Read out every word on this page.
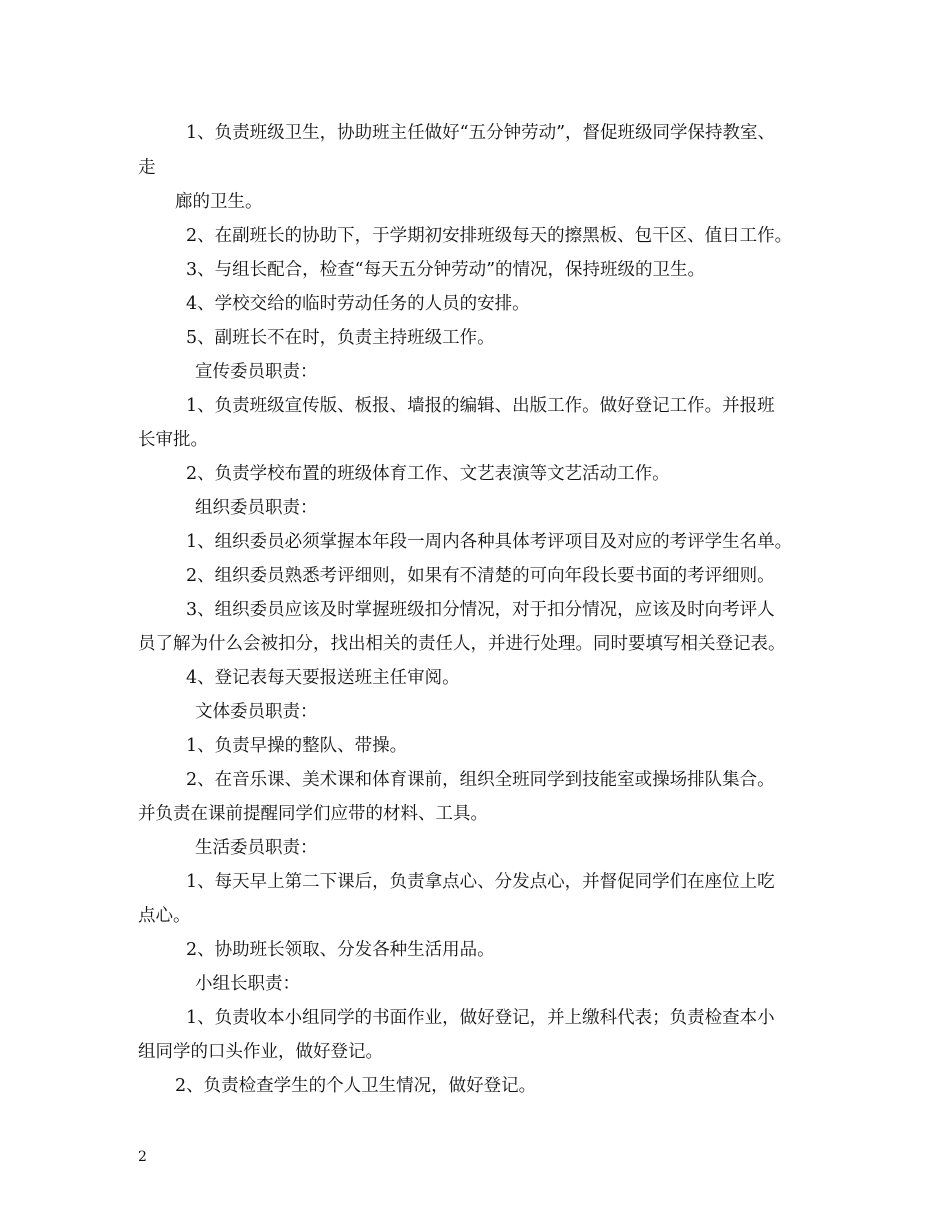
1、负责班级卫生，协助班主任做好“五分钟劳动”，督促班级同学保持教室、
走
廊的卫生。
2、在副班长的协助下，于学期初安排班级每天的擦黑板、包干区、值日工作。
3、与组长配合，检查“每天五分钟劳动”的情况，保持班级的卫生。
4、学校交给的临时劳动任务的人员的安排。
5、副班长不在时，负责主持班级工作。
宣传委员职责：
1、负责班级宣传版、板报、墙报的编辑、出版工作。做好登记工作。并报班
长审批。
2、负责学校布置的班级体育工作、文艺表演等文艺活动工作。
组织委员职责：
1、组织委员必须掌握本年段一周内各种具体考评项目及对应的考评学生名单。
2、组织委员熟悉考评细则，如果有不清楚的可向年段长要书面的考评细则。
3、组织委员应该及时掌握班级扣分情况，对于扣分情况，应该及时向考评人
员了解为什么会被扣分，找出相关的责任人，并进行处理。同时要填写相关登记表。
4、登记表每天要报送班主任审阅。
文体委员职责：
1、负责早操的整队、带操。
2、在音乐课、美术课和体育课前，组织全班同学到技能室或操场排队集合。
并负责在课前提醒同学们应带的材料、工具。
生活委员职责：
1、每天早上第二下课后，负责拿点心、分发点心，并督促同学们在座位上吃
点心。
2、协助班长领取、分发各种生活用品。
小组长职责：
1、负责收本小组同学的书面作业，做好登记，并上缴科代表；负责检查本小
组同学的口头作业，做好登记。
2、负责检查学生的个人卫生情况，做好登记。
2
